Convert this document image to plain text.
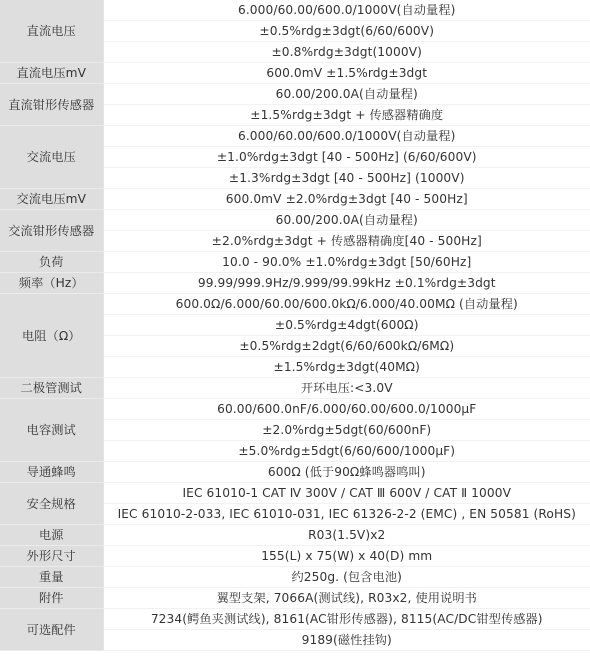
直流电压	6.000/60.00/600.0/1000V(自动量程)
	±0.5%rdg±3dgt(6/60/600V)
	±0.8%rdg±3dgt(1000V)
直流电压mV	600.0mV ±1.5%rdg±3dgt
直流钳形传感器	60.00/200.0A(自动量程)
	±1.5%rdg±3dgt + 传感器精确度
交流电压	6.000/60.00/600.0/1000V(自动量程)
	±1.0%rdg±3dgt [40 - 500Hz] (6/60/600V)
	±1.3%rdg±3dgt [40 - 500Hz] (1000V)
交流电压mV	600.0mV ±2.0%rdg±3dgt [40 - 500Hz]
交流钳形传感器	60.00/200.0A(自动量程)
	±2.0%rdg±3dgt + 传感器精确度[40 - 500Hz]
负荷	10.0 - 90.0% ±1.0%rdg±3dgt [50/60Hz]
频率（Hz）	99.99/999.9Hz/9.999/99.99kHz ±0.1%rdg±3dgt
电阻（Ω）	600.0Ω/6.000/60.00/600.0kΩ/6.000/40.00MΩ (自动量程)
	±0.5%rdg±4dgt(600Ω)
	±0.5%rdg±2dgt(6/60/600kΩ/6MΩ)
	±1.5%rdg±3dgt(40MΩ)
二极管测试	开环电压:<3.0V
电容测试	60.00/600.0nF/6.000/60.00/600.0/1000μF
	±2.0%rdg±5dgt(60/600nF)
	±5.0%rdg±5dgt(6/60/600/1000μF)
导通蜂鸣	600Ω (低于90Ω蜂鸣器鸣叫)
安全规格	IEC 61010-1 CAT Ⅳ 300V / CAT Ⅲ 600V / CAT Ⅱ 1000V
	IEC 61010-2-033, IEC 61010-031, IEC 61326-2-2 (EMC) , EN 50581 (RoHS)
电源	R03(1.5V)x2
外形尺寸	155(L) x 75(W) x 40(D) mm
重量	约250g. (包含电池)
附件	翼型支架, 7066A(测试线), R03x2, 使用说明书
可选配件	7234(鳄鱼夹测试线), 8161(AC钳形传感器), 8115(AC/DC钳型传感器)
	9189(磁性挂钩)
